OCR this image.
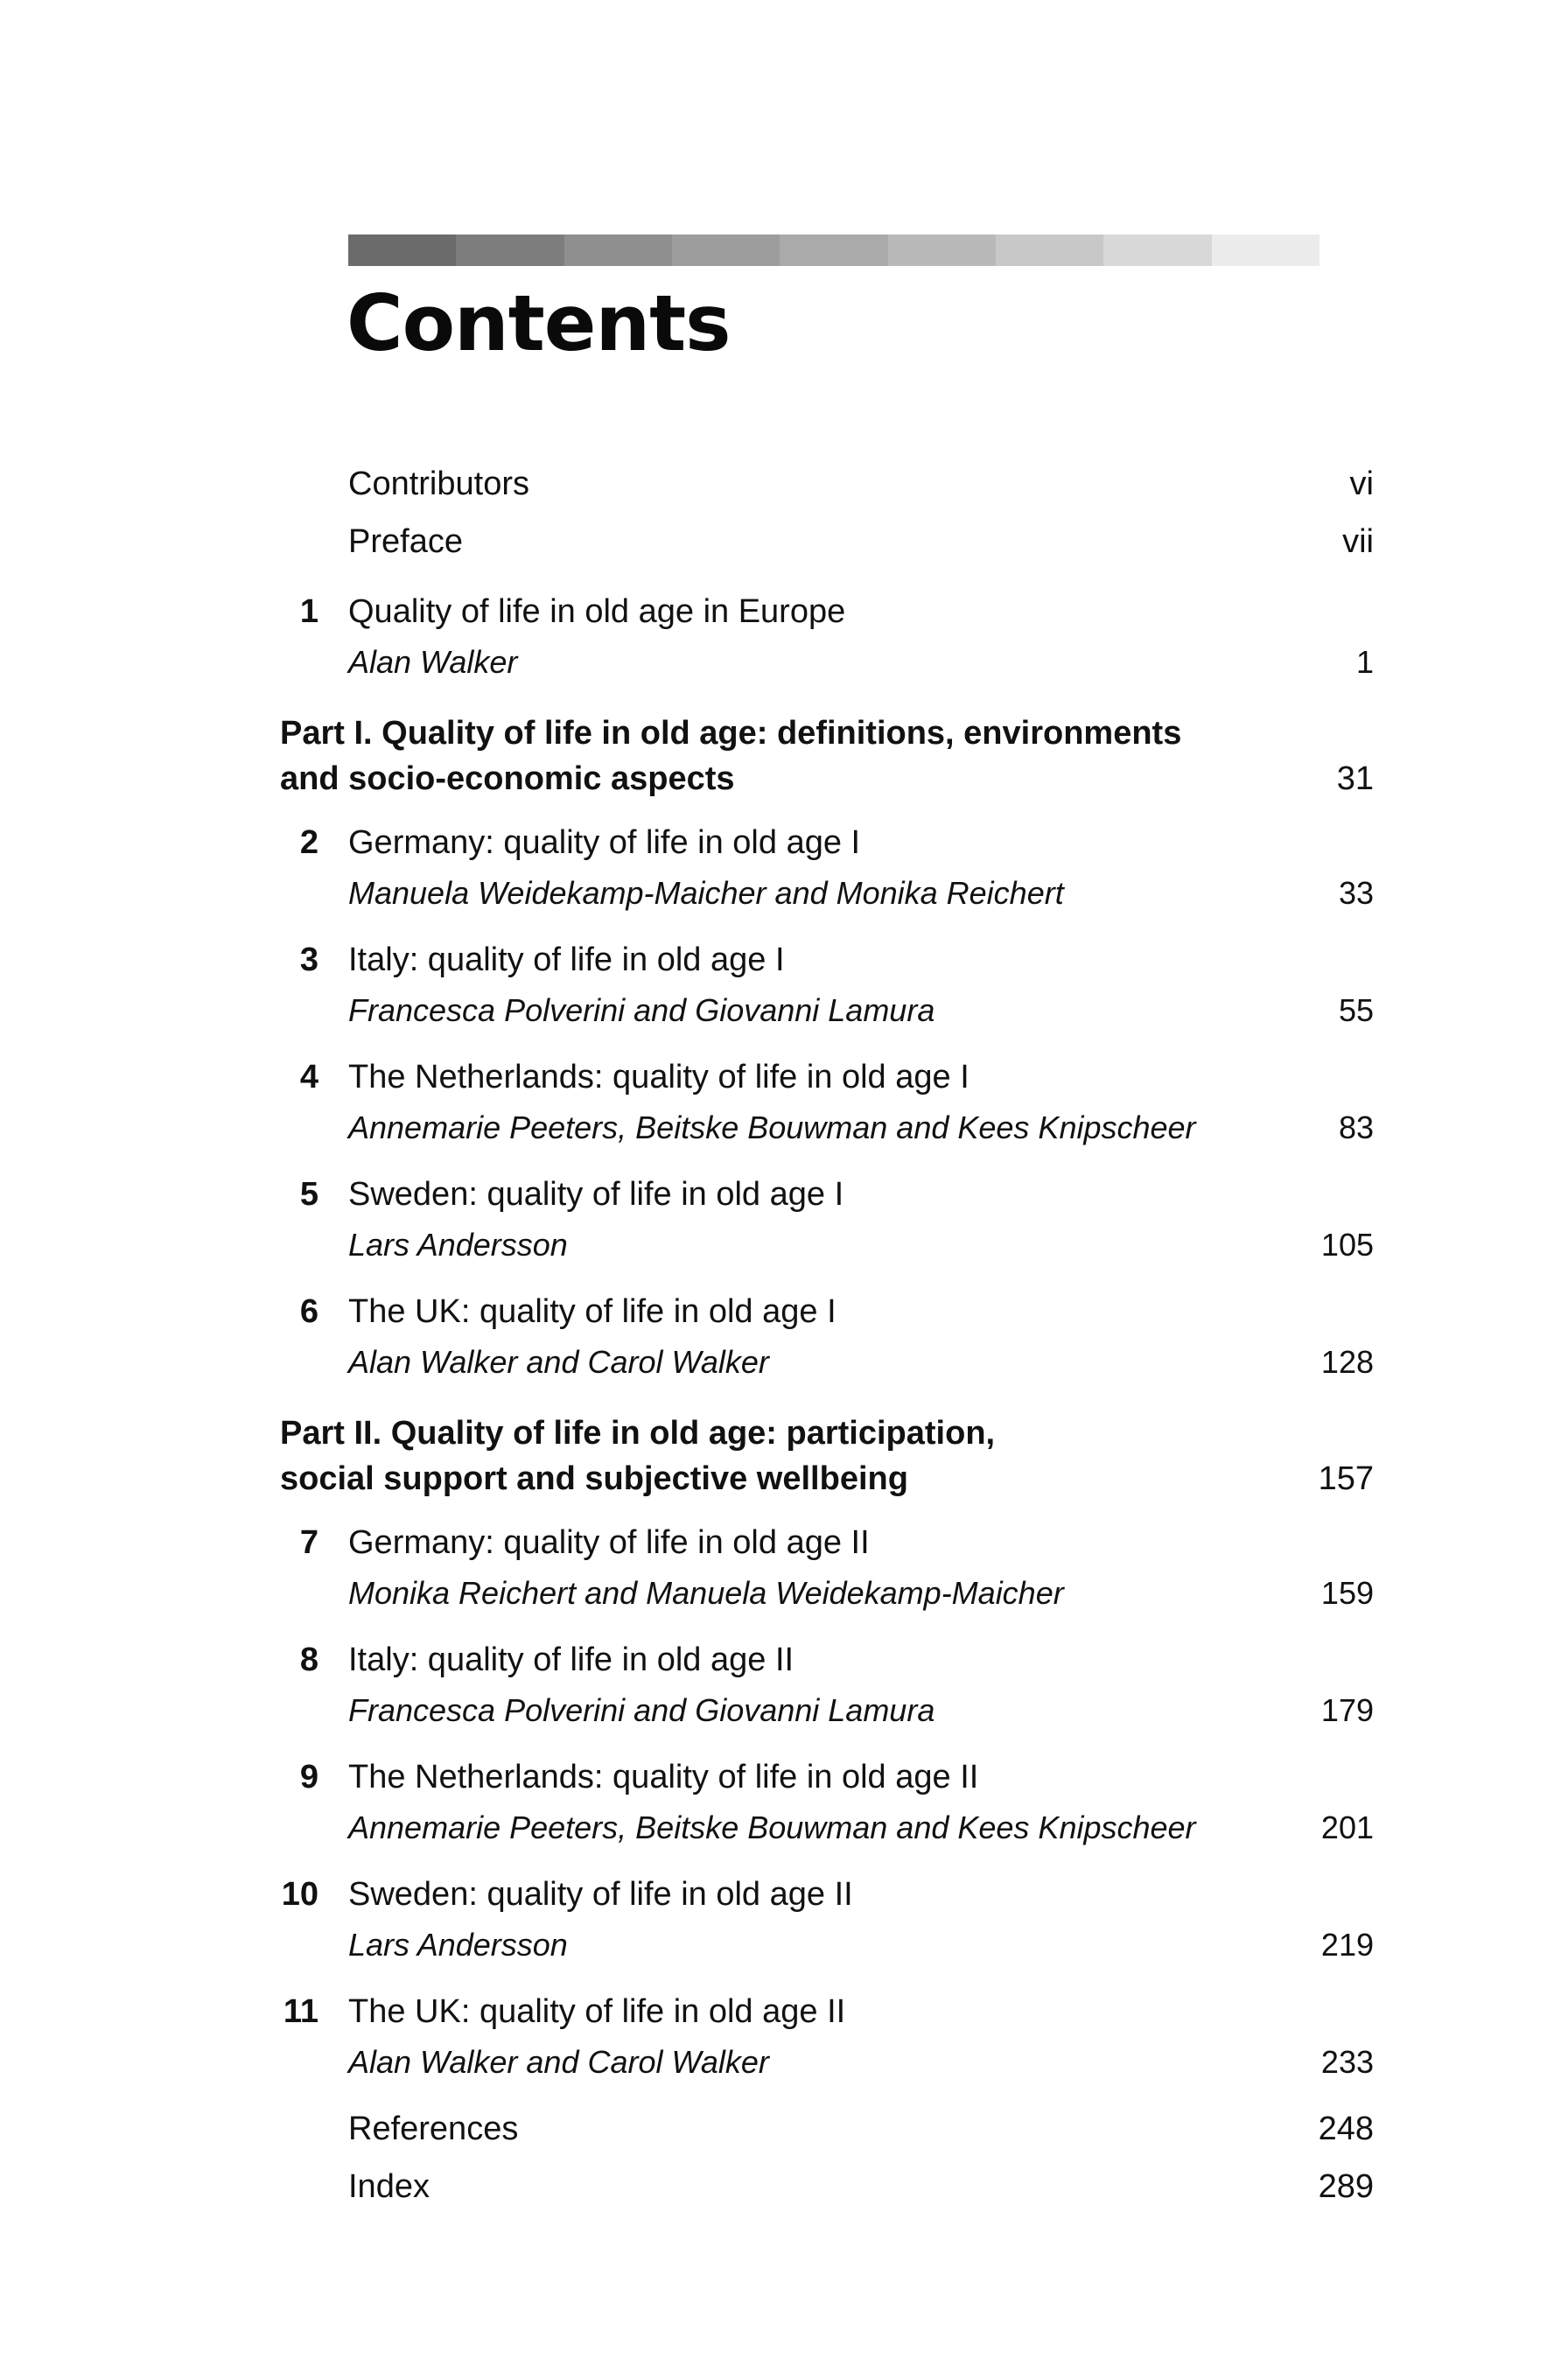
Contents
Contributors	vi
Preface	vii
1 Quality of life in old age in Europe
Alan Walker	1
Part I. Quality of life in old age: definitions, environments
and socio-economic aspects	31
2 Germany: quality of life in old age I
Manuela Weidekamp-Maicher and Monika Reichert	33
3 Italy: quality of life in old age I
Francesca Polverini and Giovanni Lamura	55
4 The Netherlands: quality of life in old age I
Annemarie Peeters, Beitske Bouwman and Kees Knipscheer	83
5 Sweden: quality of life in old age I
Lars Andersson	105
6 The UK: quality of life in old age I
Alan Walker and Carol Walker	128
Part II. Quality of life in old age: participation,
social support and subjective wellbeing	157
7 Germany: quality of life in old age II
Monika Reichert and Manuela Weidekamp-Maicher	159
8 Italy: quality of life in old age II
Francesca Polverini and Giovanni Lamura	179
9 The Netherlands: quality of life in old age II
Annemarie Peeters, Beitske Bouwman and Kees Knipscheer	201
10 Sweden: quality of life in old age II
Lars Andersson	219
11 The UK: quality of life in old age II
Alan Walker and Carol Walker	233
References	248
Index	289
